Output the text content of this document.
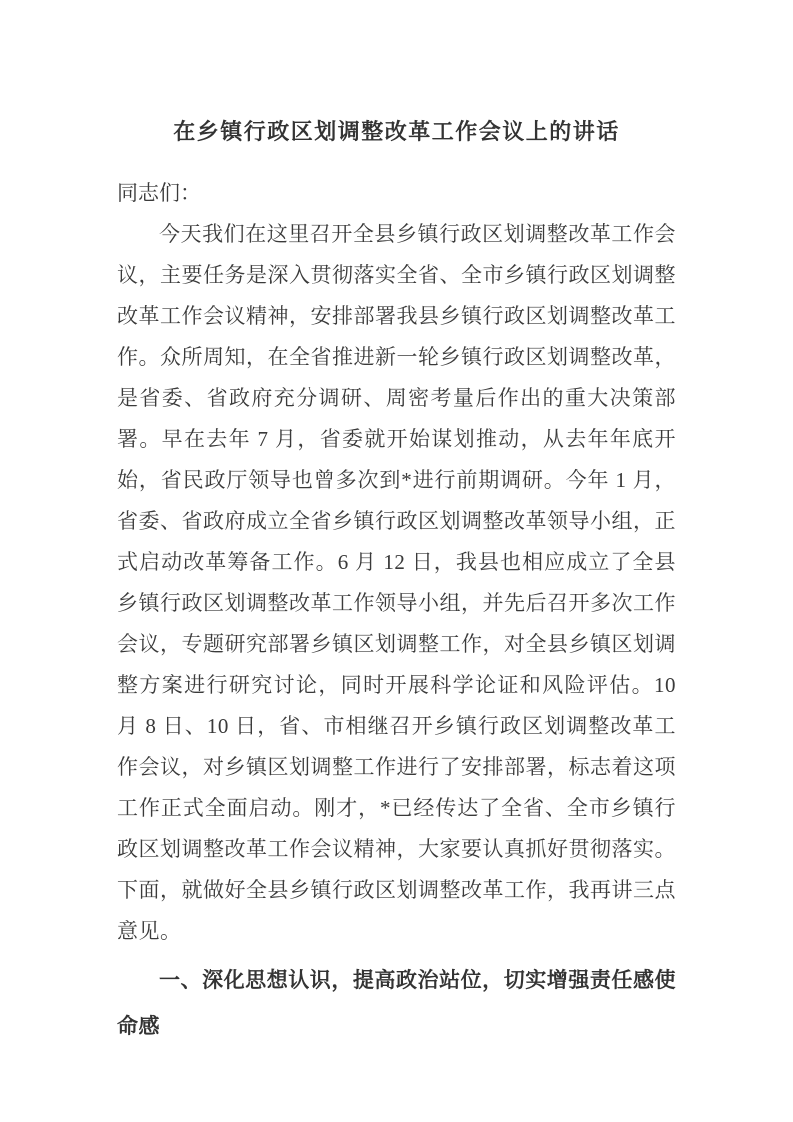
在乡镇行政区划调整改革工作会议上的讲话

同志们：

今天我们在这里召开全县乡镇行政区划调整改革工作会议，主要任务是深入贯彻落实全省、全市乡镇行政区划调整改革工作会议精神，安排部署我县乡镇行政区划调整改革工作。众所周知，在全省推进新一轮乡镇行政区划调整改革，是省委、省政府充分调研、周密考量后作出的重大决策部署。早在去年 7 月，省委就开始谋划推动，从去年年底开始，省民政厅领导也曾多次到*进行前期调研。今年 1 月，省委、省政府成立全省乡镇行政区划调整改革领导小组，正式启动改革筹备工作。6 月 12 日，我县也相应成立了全县乡镇行政区划调整改革工作领导小组，并先后召开多次工作会议，专题研究部署乡镇区划调整工作，对全县乡镇区划调整方案进行研究讨论，同时开展科学论证和风险评估。10 月 8 日、10 日，省、市相继召开乡镇行政区划调整改革工作会议，对乡镇区划调整工作进行了安排部署，标志着这项工作正式全面启动。刚才，*已经传达了全省、全市乡镇行政区划调整改革工作会议精神，大家要认真抓好贯彻落实。下面，就做好全县乡镇行政区划调整改革工作，我再讲三点意见。

一、深化思想认识，提高政治站位，切实增强责任感使命感
